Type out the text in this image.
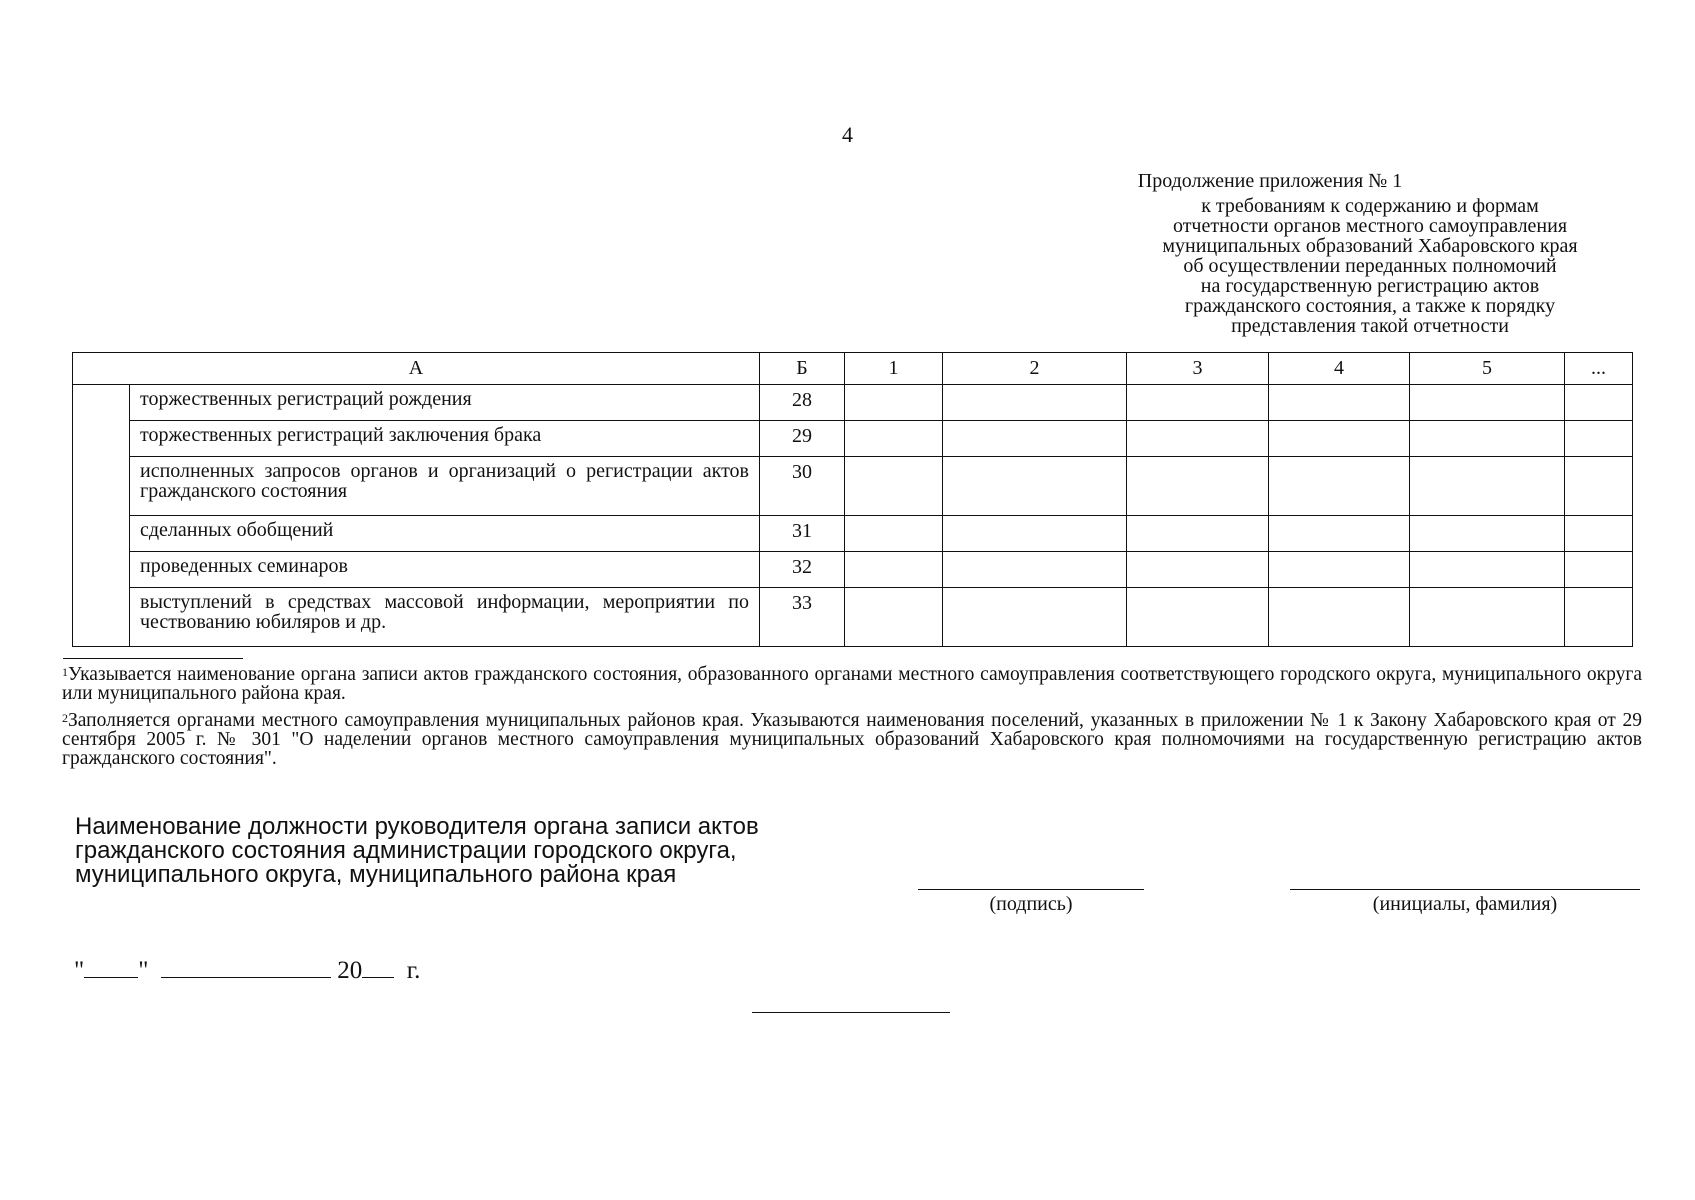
4
Продолжение приложения № 1
к требованиям к содержанию и формам
отчетности органов местного самоуправления
муниципальных образований Хабаровского края
об осуществлении переданных полномочий
на государственную регистрацию актов
гражданского состояния, а также к порядку
представления такой отчетности
А		Б	1	2	3	4	5	...
	торжественных регистраций рождения	28						
	торжественных регистраций заключения брака	29						
	исполненных запросов органов и организаций о регистрации актов гражданского состояния	30						
	сделанных обобщений	31						
	проведенных семинаров	32						
	выступлений в средствах массовой информации, мероприятии по чествованию юбиляров и др.	33						
$^1$Указывается наименование органа записи актов гражданского состояния, образованного органами местного самоуправления соответствующего городского округа, муниципального округа или муниципального района края.
$^2$Заполняется органами местного самоуправления муниципальных районов края. Указываются наименования поселений, указанных в приложении № 1 к Закону Хабаровского края от 29 сентября 2005 г. № 301 "О наделении органов местного самоуправления муниципальных образований Хабаровского края полномочиями на государственную регистрацию актов гражданского состояния".
Наименование должности руководителя органа записи актов
гражданского состояния администрации городского округа,
муниципального округа, муниципального района края
(подпись)	(инициалы, фамилия)
" "	20 г.
